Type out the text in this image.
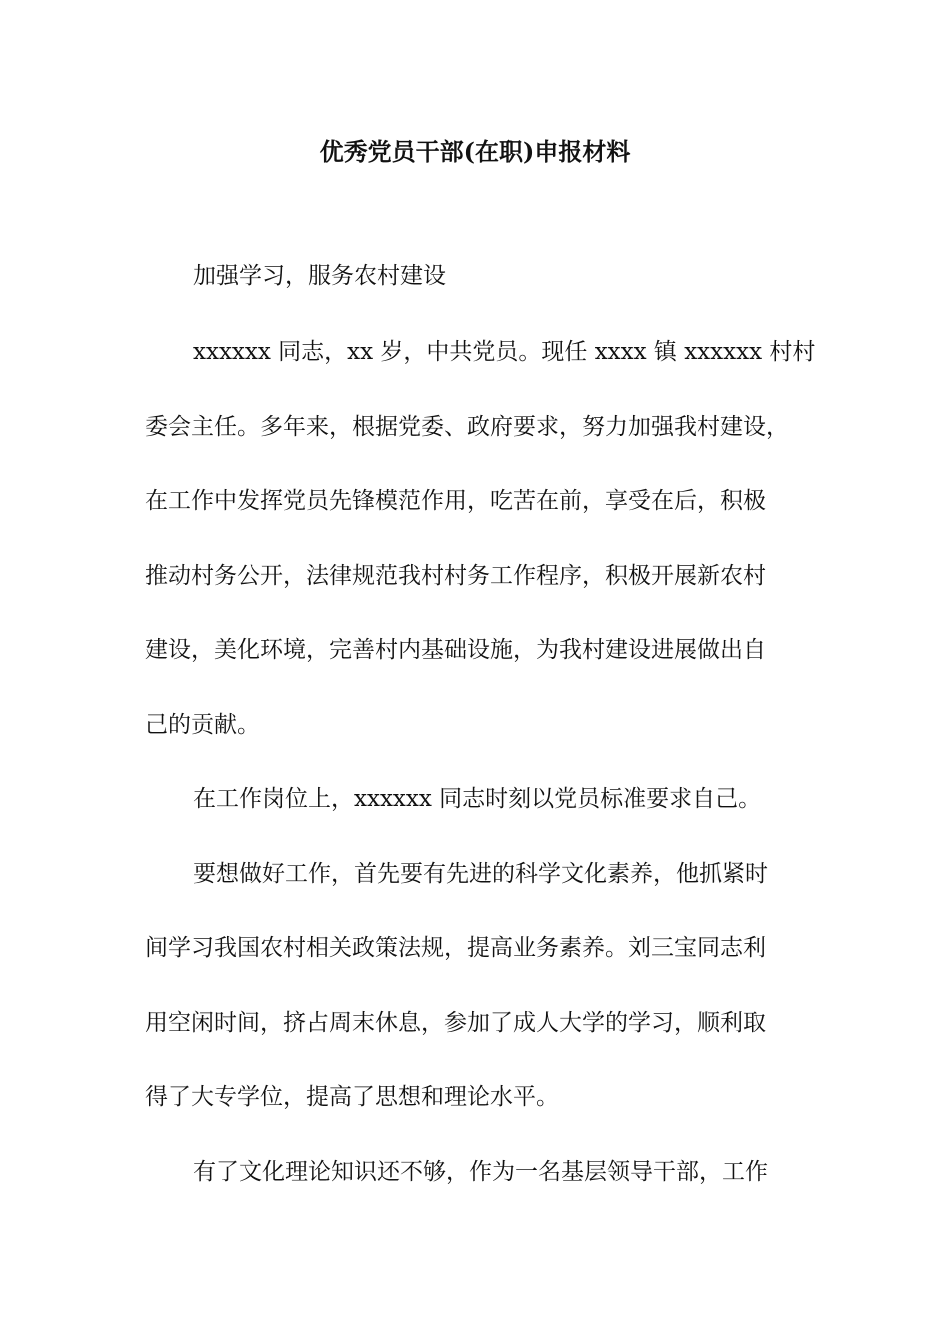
优秀党员干部(在职)申报材料

加强学习，服务农村建设

xxxxxx 同志，xx 岁，中共党员。现任 xxxx 镇 xxxxxx 村村

委会主任。多年来，根据党委、政府要求，努力加强我村建设，

在工作中发挥党员先锋模范作用，吃苦在前，享受在后，积极

推动村务公开，法律规范我村村务工作程序，积极开展新农村

建设，美化环境，完善村内基础设施，为我村建设进展做出自

己的贡献。

在工作岗位上，xxxxxx 同志时刻以党员标准要求自己。

要想做好工作，首先要有先进的科学文化素养，他抓紧时

间学习我国农村相关政策法规，提高业务素养。刘三宝同志利

用空闲时间，挤占周末休息，参加了成人大学的学习，顺利取

得了大专学位，提高了思想和理论水平。

有了文化理论知识还不够，作为一名基层领导干部，工作
